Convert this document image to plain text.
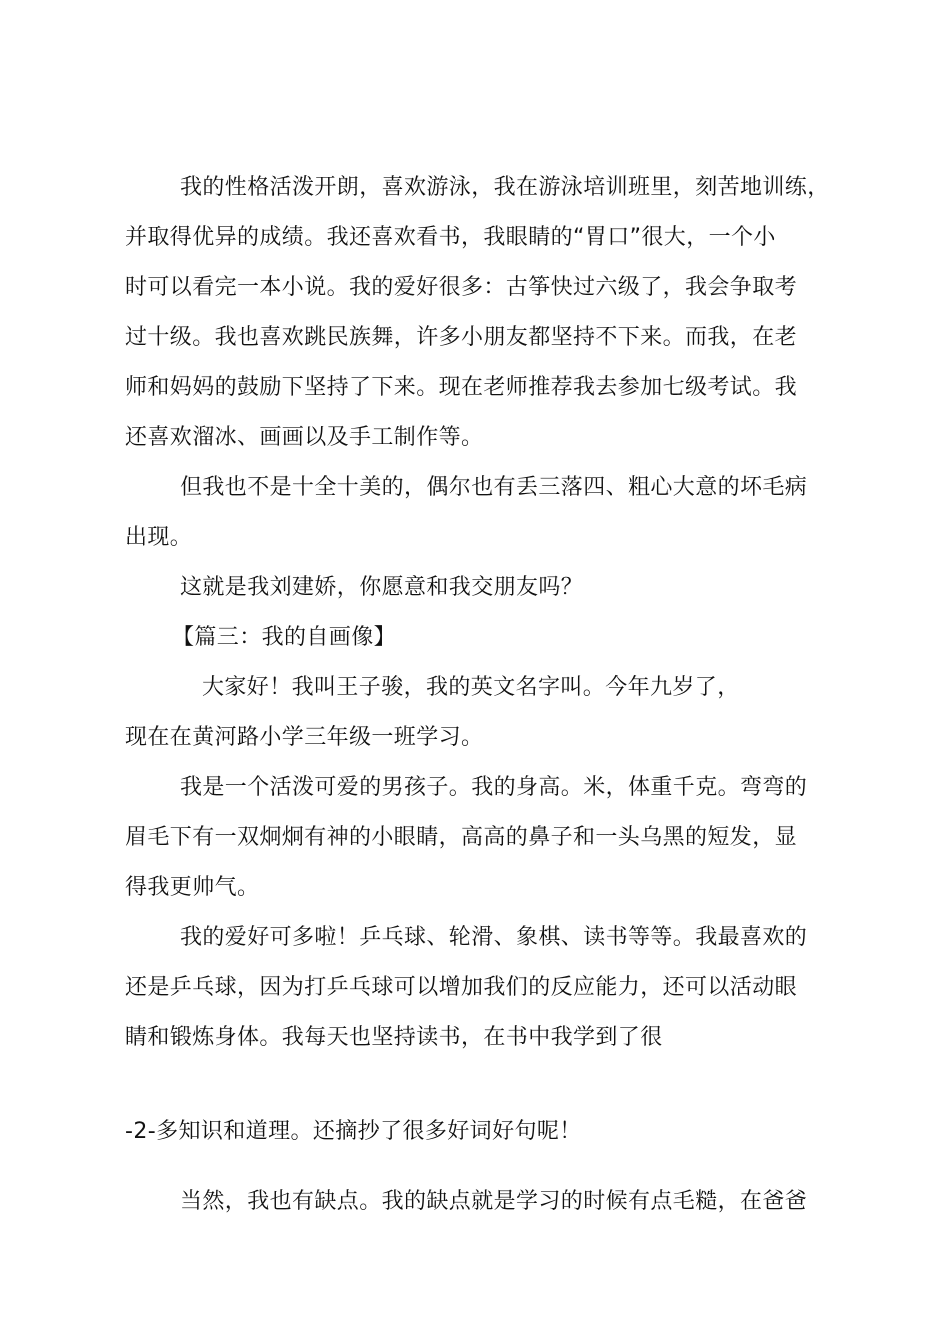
我的性格活泼开朗，喜欢游泳，我在游泳培训班里，刻苦地训练，

并取得优异的成绩。我还喜欢看书，我眼睛的“胃口”很大，一个小

时可以看完一本小说。我的爱好很多：古筝快过六级了，我会争取考

过十级。我也喜欢跳民族舞，许多小朋友都坚持不下来。而我，在老

师和妈妈的鼓励下坚持了下来。现在老师推荐我去参加七级考试。我

还喜欢溜冰、画画以及手工制作等。

但我也不是十全十美的，偶尔也有丢三落四、粗心大意的坏毛病

出现。

这就是我刘建娇，你愿意和我交朋友吗？

【篇三：我的自画像】

大家好！我叫王子骏，我的英文名字叫。今年九岁了，

现在在黄河路小学三年级一班学习。

我是一个活泼可爱的男孩子。我的身高。米，体重千克。弯弯的

眉毛下有一双炯炯有神的小眼睛，高高的鼻子和一头乌黑的短发，显

得我更帅气。

我的爱好可多啦！乒乓球、轮滑、象棋、读书等等。我最喜欢的

还是乒乓球，因为打乒乓球可以增加我们的反应能力，还可以活动眼

睛和锻炼身体。我每天也坚持读书，在书中我学到了很

-2-多知识和道理。还摘抄了很多好词好句呢！

当然，我也有缺点。我的缺点就是学习的时候有点毛糙，在爸爸
